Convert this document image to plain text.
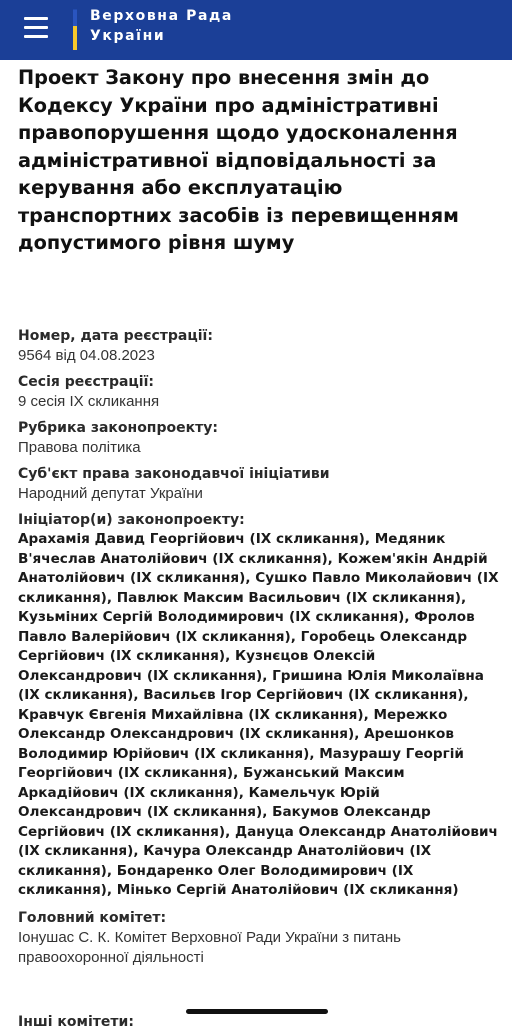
Верховна Рада
України
Проект Закону про внесення змін до Кодексу України про адміністративні правопорушення щодо удосконалення адміністративної відповідальності за керування або експлуатацію транспортних засобів із перевищенням допустимого рівня шуму
Номер, дата реєстрації:
9564 від 04.08.2023
Сесія реєстрації:
9 сесія IX скликання
Рубрика законопроекту:
Правова політика
Суб'єкт права законодавчої ініціативи
Народний депутат України
Ініціатор(и) законопроекту:
Арахамія Давид Георгійович (IX скликання), Медяник В'ячеслав Анатолійович (IX скликання), Кожем'якін Андрій Анатолійович (IX скликання), Сушко Павло Миколайович (IX скликання), Павлюк Максим Васильович (IX скликання), Кузьміних Сергій Володимирович (IX скликання), Фролов Павло Валерійович (IX скликання), Горобець Олександр Сергійович (IX скликання), Кузнєцов Олексій Олександрович (IX скликання), Гришина Юлія Миколаївна (IX скликання), Васильєв Ігор Сергійович (IX скликання), Кравчук Євгенія Михайлівна (IX скликання), Мережко Олександр Олександрович (IX скликання), Арешонков Володимир Юрійович (IX скликання), Мазурашу Георгій Георгійович (IX скликання), Бужанський Максим Аркадійович (IX скликання), Камельчук Юрій Олександрович (IX скликання), Бакумов Олександр Сергійович (IX скликання), Дануца Олександр Анатолійович (IX скликання), Качура Олександр Анатолійович (IX скликання), Бондаренко Олег Володимирович (IX скликання), Мінько Сергій Анатолійович (IX скликання)
Головний комітет:
Іонушас С. К. Комітет Верховної Ради України з питань правоохоронної діяльності
Інші комітети:
